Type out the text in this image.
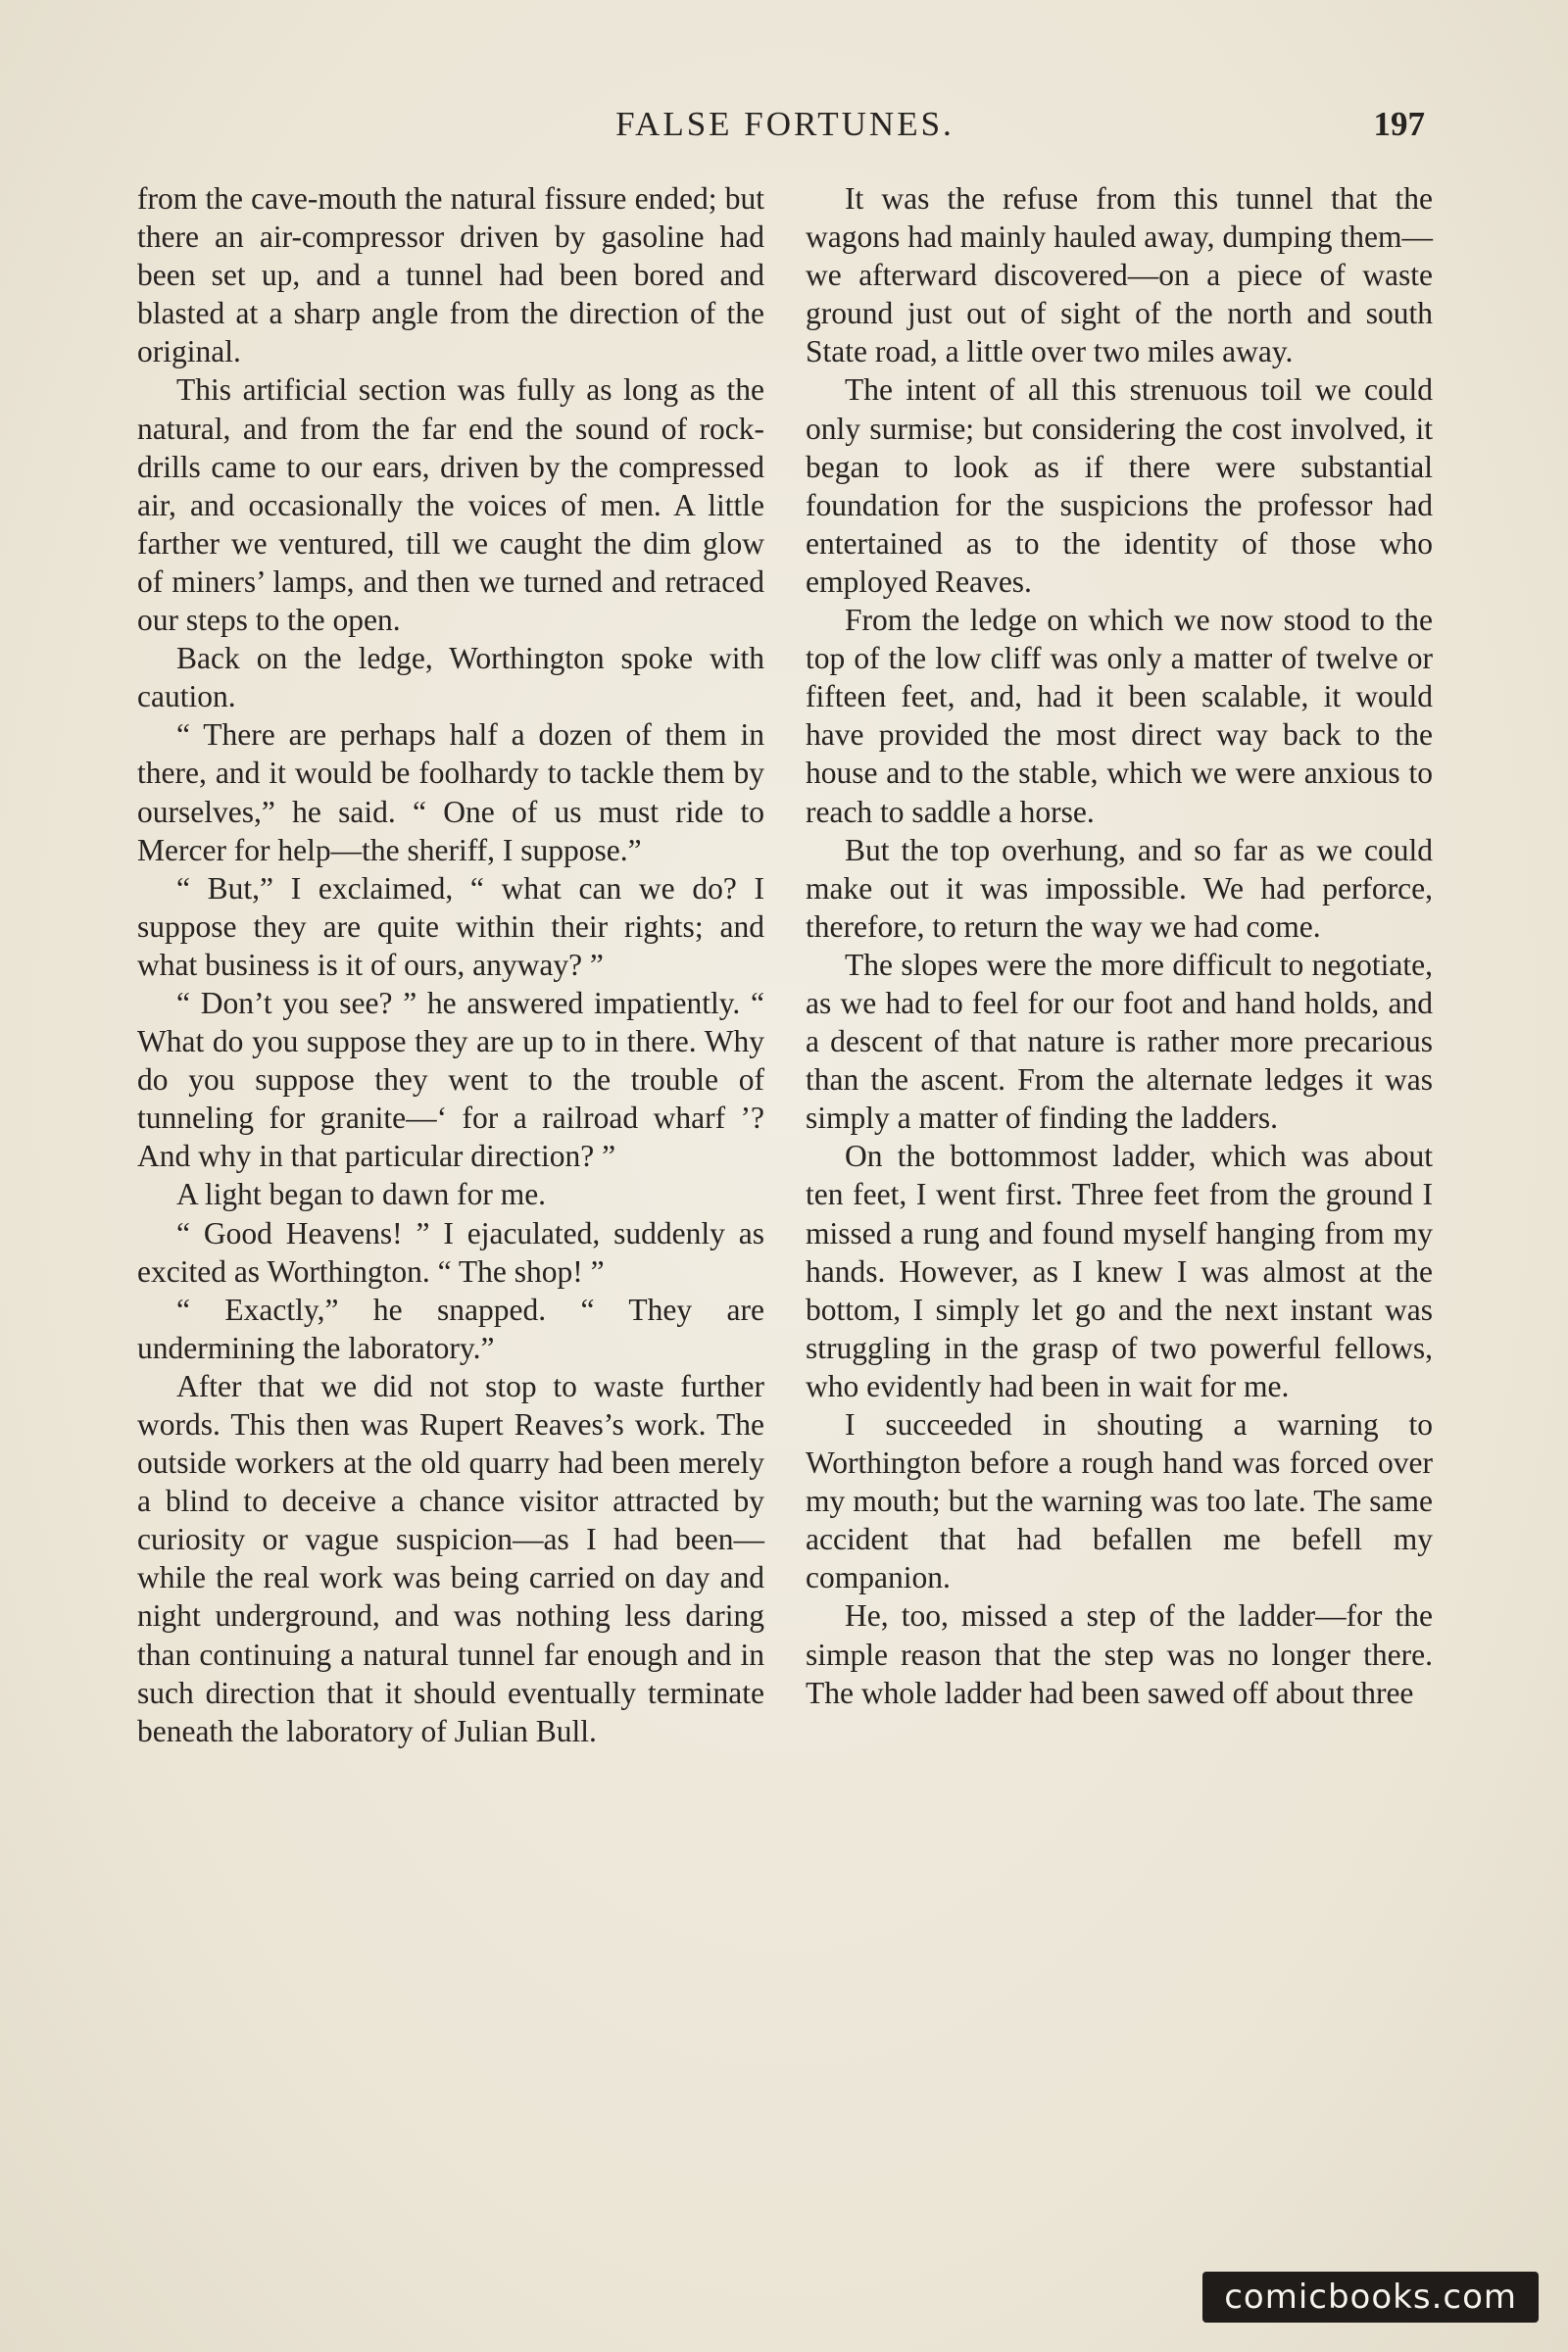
FALSE FORTUNES.	197

from the cave-mouth the natural fissure ended; but there an air-compressor driven by gasoline had been set up, and a tunnel had been bored and blasted at a sharp angle from the direction of the original.

This artificial section was fully as long as the natural, and from the far end the sound of rock-drills came to our ears, driven by the compressed air, and occasionally the voices of men. A little farther we ventured, till we caught the dim glow of miners’ lamps, and then we turned and retraced our steps to the open.

Back on the ledge, Worthington spoke with caution.

“ There are perhaps half a dozen of them in there, and it would be foolhardy to tackle them by ourselves,” he said. “ One of us must ride to Mercer for help—the sheriff, I suppose.”

“ But,” I exclaimed, “ what can we do? I suppose they are quite within their rights; and what business is it of ours, anyway? ”

“ Don’t you see? ” he answered impatiently. “ What do you suppose they are up to in there. Why do you suppose they went to the trouble of tunneling for granite—‘ for a railroad wharf ’? And why in that particular direction? ”

A light began to dawn for me.

“ Good Heavens! ” I ejaculated, suddenly as excited as Worthington. “ The shop! ”

“ Exactly,” he snapped. “ They are undermining the laboratory.”

After that we did not stop to waste further words. This then was Rupert Reaves’s work. The outside workers at the old quarry had been merely a blind to deceive a chance visitor attracted by curiosity or vague suspicion—as I had been—while the real work was being carried on day and night underground, and was nothing less daring than continuing a natural tunnel far enough and in such direction that it should eventually terminate beneath the laboratory of Julian Bull.

It was the refuse from this tunnel that the wagons had mainly hauled away, dumping them—we afterward discovered—on a piece of waste ground just out of sight of the north and south State road, a little over two miles away.

The intent of all this strenuous toil we could only surmise; but considering the cost involved, it began to look as if there were substantial foundation for the suspicions the professor had entertained as to the identity of those who employed Reaves.

From the ledge on which we now stood to the top of the low cliff was only a matter of twelve or fifteen feet, and, had it been scalable, it would have provided the most direct way back to the house and to the stable, which we were anxious to reach to saddle a horse.

But the top overhung, and so far as we could make out it was impossible. We had perforce, therefore, to return the way we had come.

The slopes were the more difficult to negotiate, as we had to feel for our foot and hand holds, and a descent of that nature is rather more precarious than the ascent. From the alternate ledges it was simply a matter of finding the ladders.

On the bottommost ladder, which was about ten feet, I went first. Three feet from the ground I missed a rung and found myself hanging from my hands. However, as I knew I was almost at the bottom, I simply let go and the next instant was struggling in the grasp of two powerful fellows, who evidently had been in wait for me.

I succeeded in shouting a warning to Worthington before a rough hand was forced over my mouth; but the warning was too late. The same accident that had befallen me befell my companion.

He, too, missed a step of the ladder—for the simple reason that the step was no longer there. The whole ladder had been sawed off about three

comicbooks.com
